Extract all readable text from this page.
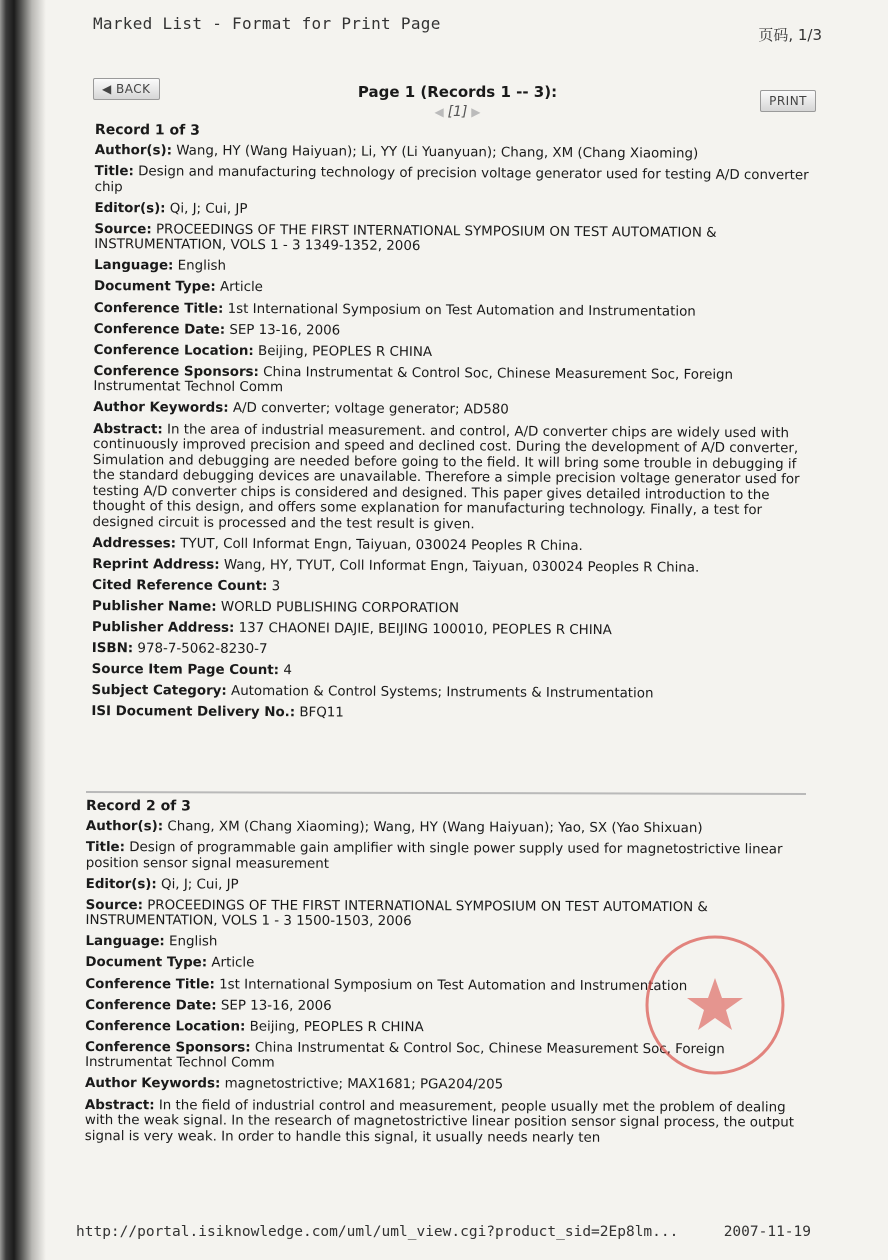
Marked List - Format for Print Page
页码, 1/3
◀ BACK
PRINT
Page 1 (Records 1 -- 3):
◀ [1] ▶
Record 1 of 3
Author(s): Wang, HY (Wang Haiyuan); Li, YY (Li Yuanyuan); Chang, XM (Chang Xiaoming)
Title: Design and manufacturing technology of precision voltage generator used for testing A/D converter chip
Editor(s): Qi, J; Cui, JP
Source: PROCEEDINGS OF THE FIRST INTERNATIONAL SYMPOSIUM ON TEST AUTOMATION & INSTRUMENTATION, VOLS 1 - 3 1349-1352, 2006
Language: English
Document Type: Article
Conference Title: 1st International Symposium on Test Automation and Instrumentation
Conference Date: SEP 13-16, 2006
Conference Location: Beijing, PEOPLES R CHINA
Conference Sponsors: China Instrumentat & Control Soc, Chinese Measurement Soc, Foreign Instrumentat Technol Comm
Author Keywords: A/D converter; voltage generator; AD580
Abstract: In the area of industrial measurement. and control, A/D converter chips are widely used with continuously improved precision and speed and declined cost. During the development of A/D converter, Simulation and debugging are needed before going to the field. It will bring some trouble in debugging if the standard debugging devices are unavailable. Therefore a simple precision voltage generator used for testing A/D converter chips is considered and designed. This paper gives detailed introduction to the thought of this design, and offers some explanation for manufacturing technology. Finally, a test for designed circuit is processed and the test result is given.
Addresses: TYUT, Coll Informat Engn, Taiyuan, 030024 Peoples R China.
Reprint Address: Wang, HY, TYUT, Coll Informat Engn, Taiyuan, 030024 Peoples R China.
Cited Reference Count: 3
Publisher Name: WORLD PUBLISHING CORPORATION
Publisher Address: 137 CHAONEI DAJIE, BEIJING 100010, PEOPLES R CHINA
ISBN: 978-7-5062-8230-7
Source Item Page Count: 4
Subject Category: Automation & Control Systems; Instruments & Instrumentation
ISI Document Delivery No.: BFQ11
Record 2 of 3
Author(s): Chang, XM (Chang Xiaoming); Wang, HY (Wang Haiyuan); Yao, SX (Yao Shixuan)
Title: Design of programmable gain amplifier with single power supply used for magnetostrictive linear position sensor signal measurement
Editor(s): Qi, J; Cui, JP
Source: PROCEEDINGS OF THE FIRST INTERNATIONAL SYMPOSIUM ON TEST AUTOMATION & INSTRUMENTATION, VOLS 1 - 3 1500-1503, 2006
Language: English
Document Type: Article
Conference Title: 1st International Symposium on Test Automation and Instrumentation
Conference Date: SEP 13-16, 2006
Conference Location: Beijing, PEOPLES R CHINA
Conference Sponsors: China Instrumentat & Control Soc, Chinese Measurement Soc, Foreign Instrumentat Technol Comm
Author Keywords: magnetostrictive; MAX1681; PGA204/205
Abstract: In the field of industrial control and measurement, people usually met the problem of dealing with the weak signal. In the research of magnetostrictive linear position sensor signal process, the output signal is very weak. In order to handle this signal, it usually needs nearly ten
http://portal.isiknowledge.com/uml/uml_view.cgi?product_sid=2Ep8lm...	2007-11-19
